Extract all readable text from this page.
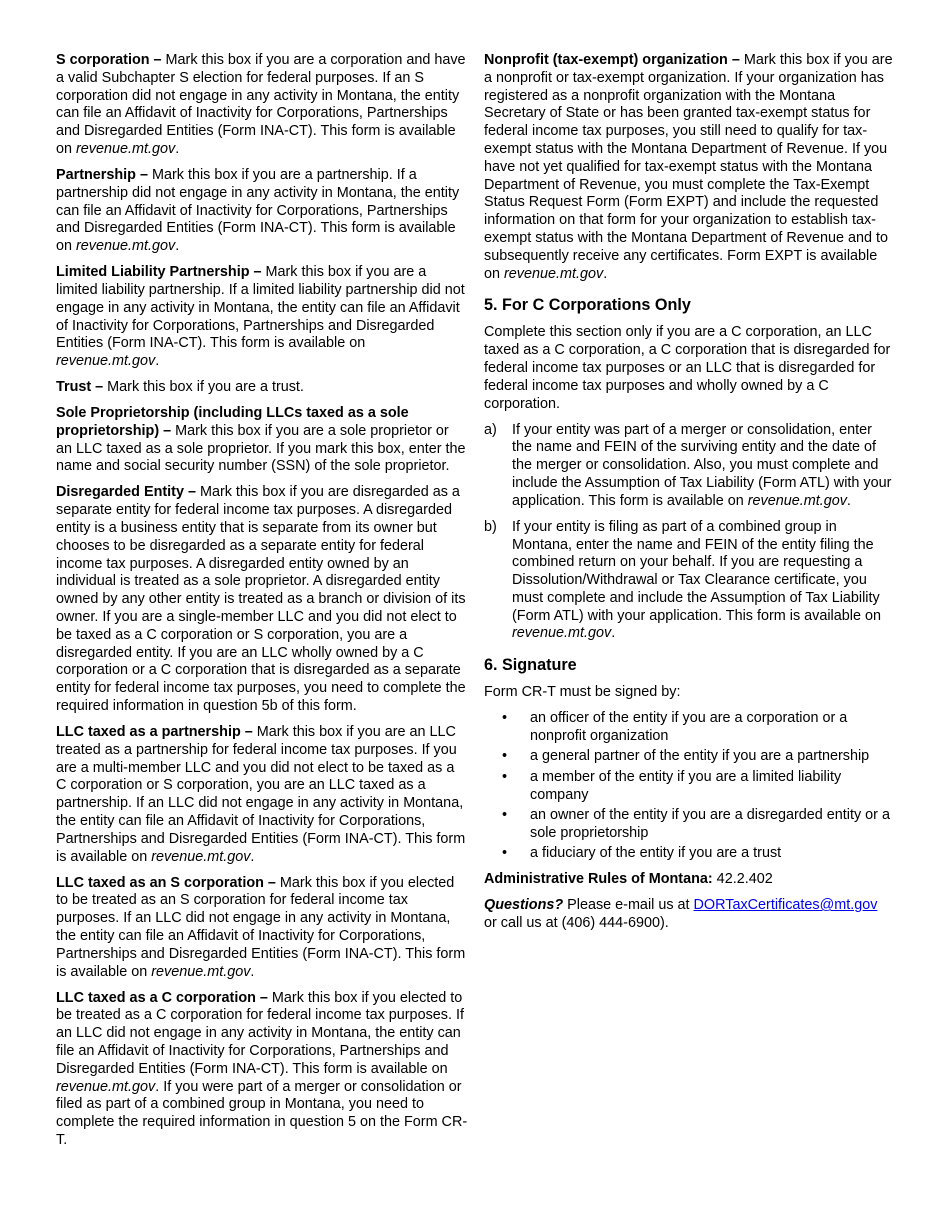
S corporation – Mark this box if you are a corporation and have a valid Subchapter S election for federal purposes. If an S corporation did not engage in any activity in Montana, the entity can file an Affidavit of Inactivity for Corporations, Partnerships and Disregarded Entities (Form INA-CT). This form is available on revenue.mt.gov.

Partnership – Mark this box if you are a partnership. If a partnership did not engage in any activity in Montana, the entity can file an Affidavit of Inactivity for Corporations, Partnerships and Disregarded Entities (Form INA-CT). This form is available on revenue.mt.gov.

Limited Liability Partnership – Mark this box if you are a limited liability partnership. If a limited liability partnership did not engage in any activity in Montana, the entity can file an Affidavit of Inactivity for Corporations, Partnerships and Disregarded Entities (Form INA-CT). This form is available on revenue.mt.gov.

Trust – Mark this box if you are a trust.

Sole Proprietorship (including LLCs taxed as a sole proprietorship) – Mark this box if you are a sole proprietor or an LLC taxed as a sole proprietor. If you mark this box, enter the name and social security number (SSN) of the sole proprietor.

Disregarded Entity – Mark this box if you are disregarded as a separate entity for federal income tax purposes. A disregarded entity is a business entity that is separate from its owner but chooses to be disregarded as a separate entity for federal income tax purposes. A disregarded entity owned by an individual is treated as a sole proprietor. A disregarded entity owned by any other entity is treated as a branch or division of its owner. If you are a single-member LLC and you did not elect to be taxed as a C corporation or S corporation, you are a disregarded entity. If you are an LLC wholly owned by a C corporation or a C corporation that is disregarded as a separate entity for federal income tax purposes, you need to complete the required information in question 5b of this form.

LLC taxed as a partnership – Mark this box if you are an LLC treated as a partnership for federal income tax purposes. If you are a multi-member LLC and you did not elect to be taxed as a C corporation or S corporation, you are an LLC taxed as a partnership. If an LLC did not engage in any activity in Montana, the entity can file an Affidavit of Inactivity for Corporations, Partnerships and Disregarded Entities (Form INA-CT). This form is available on revenue.mt.gov.

LLC taxed as an S corporation – Mark this box if you elected to be treated as an S corporation for federal income tax purposes. If an LLC did not engage in any activity in Montana, the entity can file an Affidavit of Inactivity for Corporations, Partnerships and Disregarded Entities (Form INA-CT). This form is available on revenue.mt.gov.

LLC taxed as a C corporation – Mark this box if you elected to be treated as a C corporation for federal income tax purposes. If an LLC did not engage in any activity in Montana, the entity can file an Affidavit of Inactivity for Corporations, Partnerships and Disregarded Entities (Form INA-CT). This form is available on revenue.mt.gov. If you were part of a merger or consolidation or filed as part of a combined group in Montana, you need to complete the required information in question 5 on the Form CR-T.

Nonprofit (tax-exempt) organization – Mark this box if you are a nonprofit or tax-exempt organization. If your organization has registered as a nonprofit organization with the Montana Secretary of State or has been granted tax-exempt status for federal income tax purposes, you still need to qualify for tax-exempt status with the Montana Department of Revenue. If you have not yet qualified for tax-exempt status with the Montana Department of Revenue, you must complete the Tax-Exempt Status Request Form (Form EXPT) and include the requested information on that form for your organization to establish tax-exempt status with the Montana Department of Revenue and to subsequently receive any certificates. Form EXPT is available on revenue.mt.gov.

5. For C Corporations Only

Complete this section only if you are a C corporation, an LLC taxed as a C corporation, a C corporation that is disregarded for federal income tax purposes or an LLC that is disregarded for federal income tax purposes and wholly owned by a C corporation.

a)	If your entity was part of a merger or consolidation, enter the name and FEIN of the surviving entity and the date of the merger or consolidation. Also, you must complete and include the Assumption of Tax Liability (Form ATL) with your application. This form is available on revenue.mt.gov.
b)	If your entity is filing as part of a combined group in Montana, enter the name and FEIN of the entity filing the combined return on your behalf. If you are requesting a Dissolution/Withdrawal or Tax Clearance certificate, you must complete and include the Assumption of Tax Liability (Form ATL) with your application. This form is available on revenue.mt.gov.
6. Signature

Form CR-T must be signed by:

•	an officer of the entity if you are a corporation or a nonprofit organization
•	a general partner of the entity if you are a partnership
•	a member of the entity if you are a limited liability company
•	an owner of the entity if you are a disregarded entity or a sole proprietorship
•	a fiduciary of the entity if you are a trust

Administrative Rules of Montana: 42.2.402

Questions? Please e-mail us at DORTaxCertificates@mt.gov or call us at (406) 444-6900).
